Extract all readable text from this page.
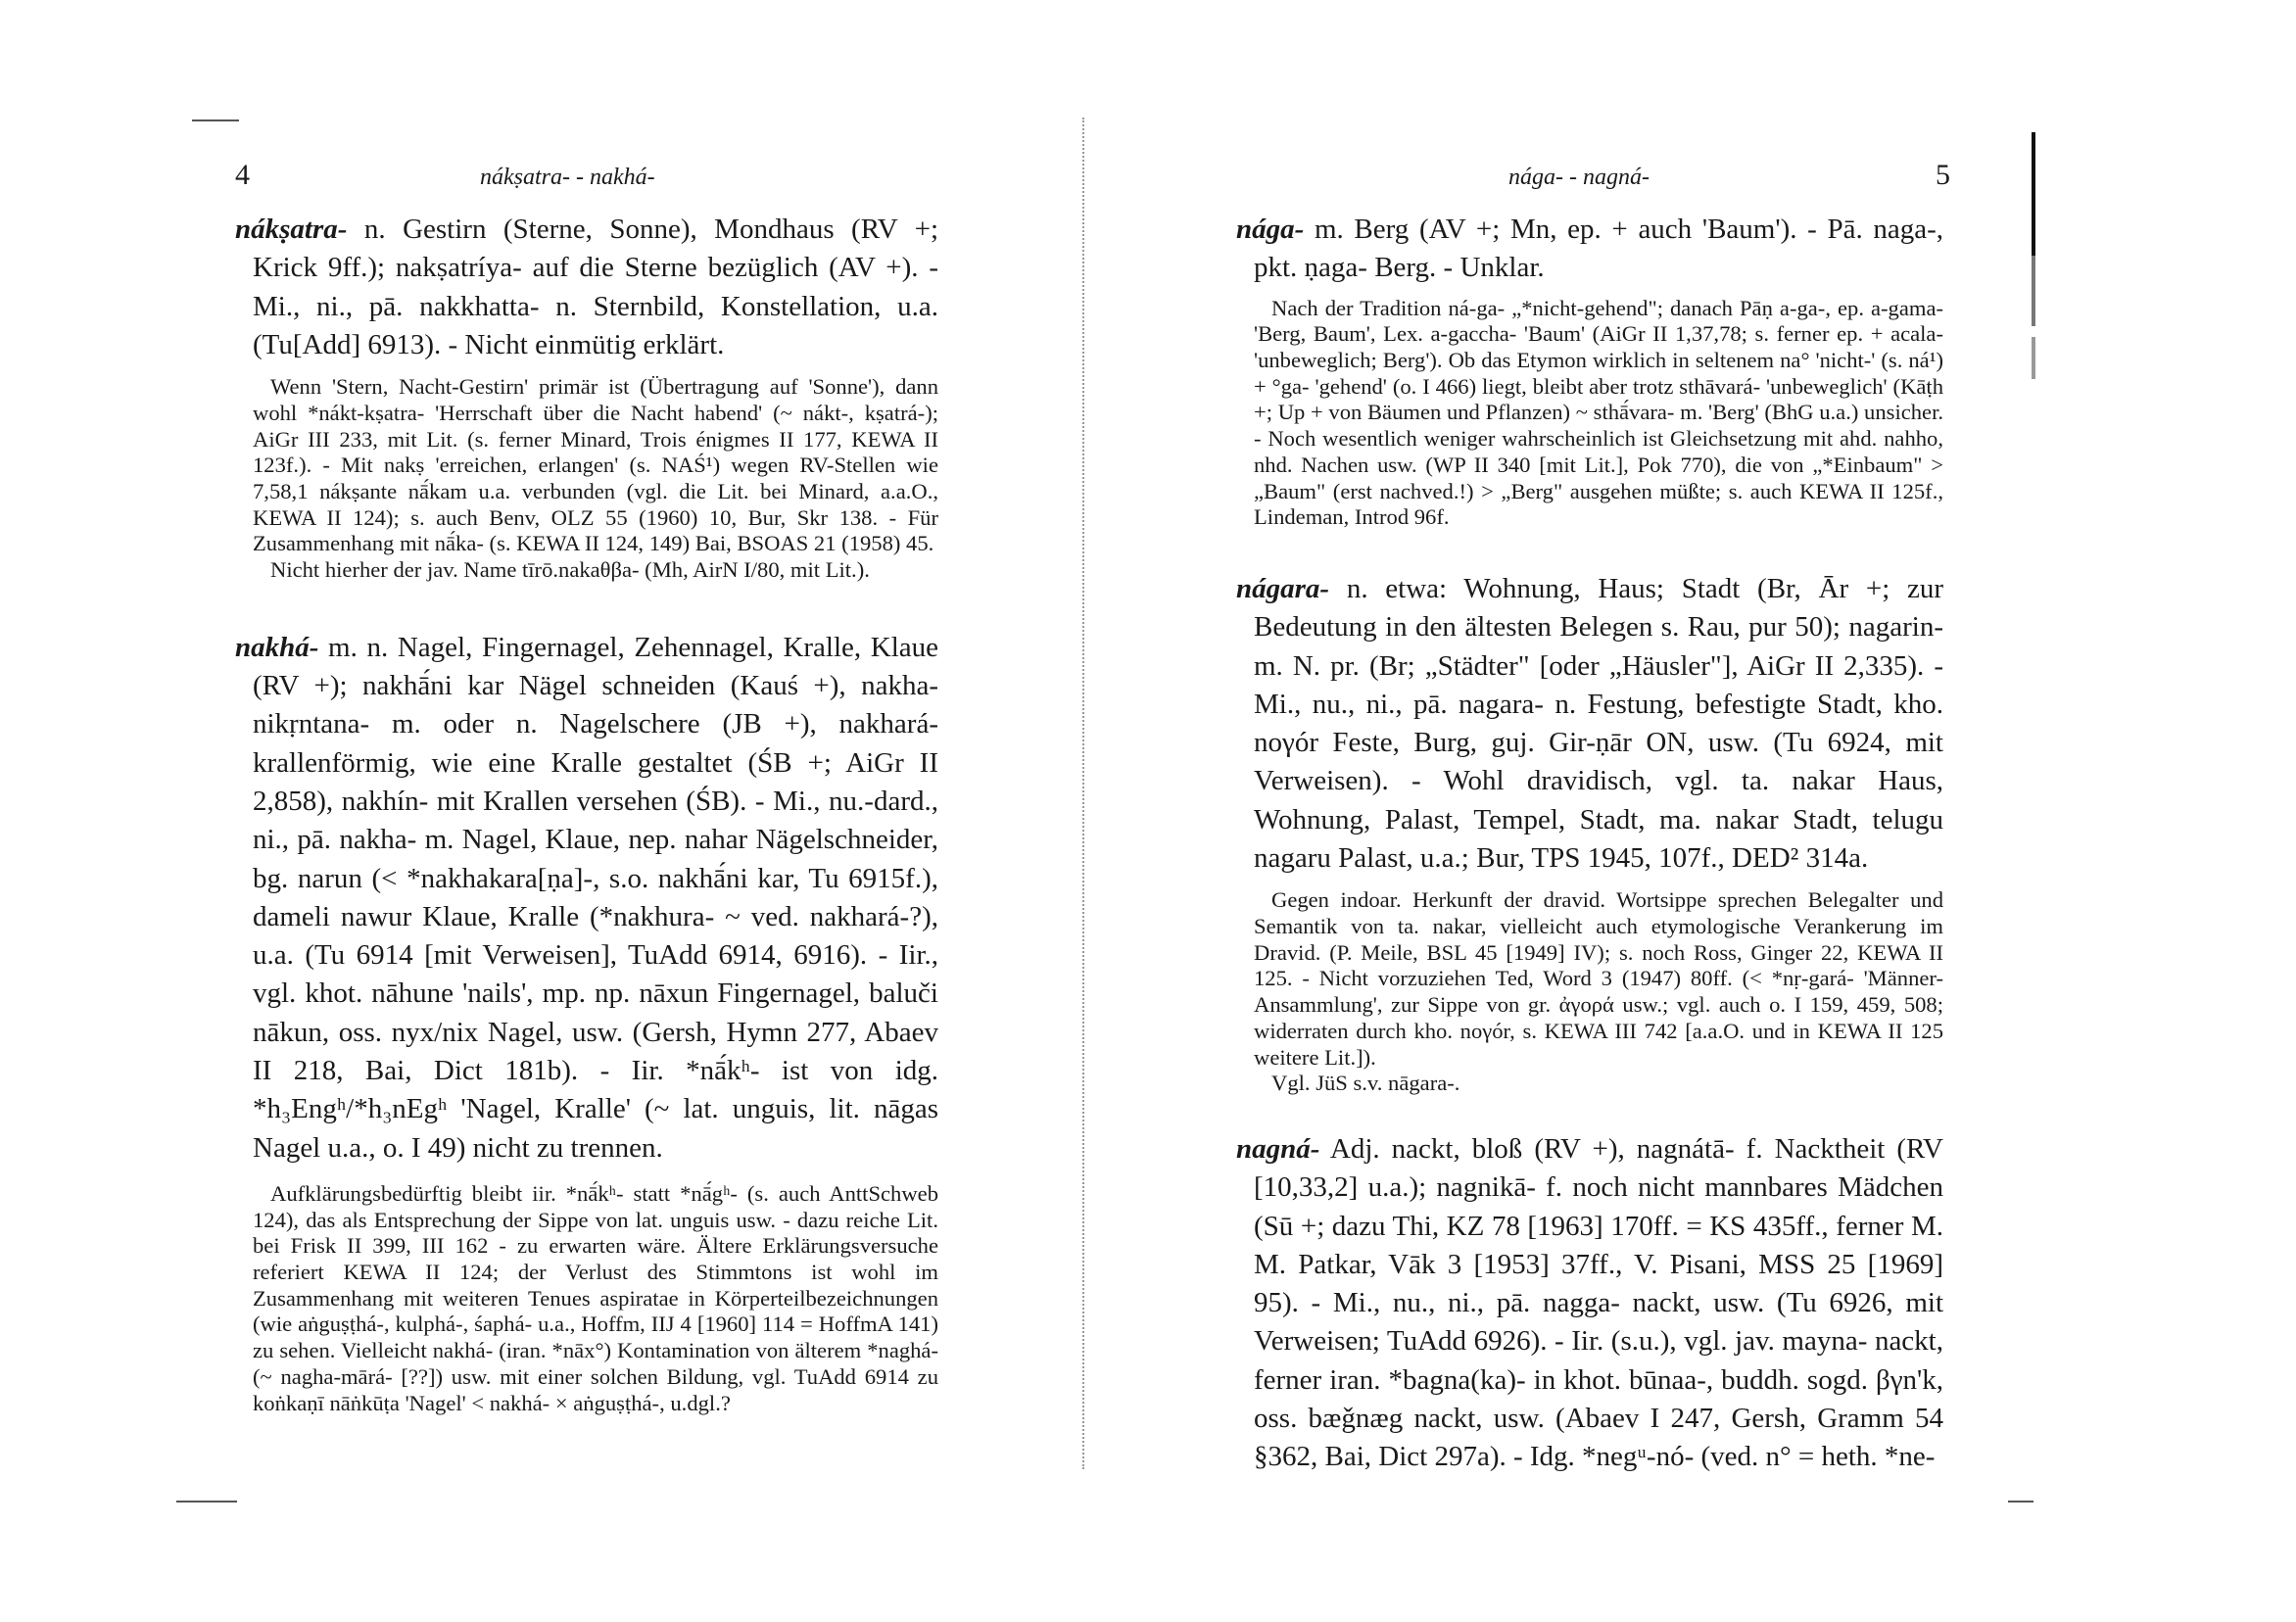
4	nákṣatra- - nakhá-
nákṣatra- n. Gestirn (Sterne, Sonne), Mondhaus (RV +; Krick 9ff.); nakṣatríya- auf die Sterne bezüglich (AV +). - Mi., ni., pā. nakkhatta- n. Sternbild, Konstellation, u.a. (Tu[Add] 6913). - Nicht einmütig erklärt.

Wenn 'Stern, Nacht-Gestirn' primär ist (Übertragung auf 'Sonne'), dann wohl *nákt-kṣatra- 'Herrschaft über die Nacht habend' (~ nákt-, kṣatrá-); AiGr III 233, mit Lit. (s. ferner Minard, Trois énigmes II 177, KEWA II 123f.). - Mit nakṣ 'erreichen, erlangen' (s. NAŚ¹) wegen RV-Stellen wie 7,58,1 nákṣante nā́kam u.a. verbunden (vgl. die Lit. bei Minard, a.a.O., KEWA II 124); s. auch Benv, OLZ 55 (1960) 10, Bur, Skr 138. - Für Zusammenhang mit nā́ka- (s. KEWA II 124, 149) Bai, BSOAS 21 (1958) 45.

Nicht hierher der jav. Name tīrō.nakaθβa- (Mh, AirN I/80, mit Lit.).

nakhá- m. n. Nagel, Fingernagel, Zehennagel, Kralle, Klaue (RV +); nakhā́ni kar Nägel schneiden (Kauś +), nakha-nikṛntana- m. oder n. Nagelschere (JB +), nakhará- krallenförmig, wie eine Kralle gestaltet (ŚB +; AiGr II 2,858), nakhín- mit Krallen versehen (ŚB). - Mi., nu.-dard., ni., pā. nakha- m. Nagel, Klaue, nep. nahar Nägelschneider, bg. narun (< *nakhakara[ṇa]-, s.o. nakhā́ni kar, Tu 6915f.), dameli nawur Klaue, Kralle (*nakhura- ~ ved. nakhará-?), u.a. (Tu 6914 [mit Verweisen], TuAdd 6914, 6916). - Iir., vgl. khot. nāhune 'nails', mp. np. nāxun Fingernagel, baluči nākun, oss. nyx/nix Nagel, usw. (Gersh, Hymn 277, Abaev II 218, Bai, Dict 181b). - Iir. *nā́kʰ- ist von idg. *h₃Engʰ/*h₃nEgʰ 'Nagel, Kralle' (~ lat. unguis, lit. nāgas Nagel u.a., o. I 49) nicht zu trennen.

Aufklärungsbedürftig bleibt iir. *nā́kʰ- statt *nā́gʰ- (s. auch AnttSchweb 124), das als Entsprechung der Sippe von lat. unguis usw. - dazu reiche Lit. bei Frisk II 399, III 162 - zu erwarten wäre. Ältere Erklärungsversuche referiert KEWA II 124; der Verlust des Stimmtons ist wohl im Zusammenhang mit weiteren Tenues aspiratae in Körperteilbezeichnungen (wie aṅguṣṭhá-, kulphá-, śaphá- u.a., Hoffm, IIJ 4 [1960] 114 = HoffmA 141) zu sehen. Vielleicht nakhá- (iran. *nāx°) Kontamination von älterem *naghá- (~ nagha-mārá- [??]) usw. mit einer solchen Bildung, vgl. TuAdd 6914 zu koṅkaṇī nāṅkūṭa 'Nagel' < nakhá- × aṅguṣṭhá-, u.dgl.?

nága- - nagná-	5
nága- m. Berg (AV +; Mn, ep. + auch 'Baum'). - Pā. naga-, pkt. ṇaga- Berg. - Unklar.

Nach der Tradition ná-ga- „*nicht-gehend"; danach Pāṇ a-ga-, ep. a-gama- 'Berg, Baum', Lex. a-gaccha- 'Baum' (AiGr II 1,37,78; s. ferner ep. + acala- 'unbeweglich; Berg'). Ob das Etymon wirklich in seltenem na° 'nicht-' (s. ná¹) + °ga- 'gehend' (o. I 466) liegt, bleibt aber trotz sthāvará- 'unbeweglich' (Kāṭh +; Up + von Bäumen und Pflanzen) ~ sthā́vara- m. 'Berg' (BhG u.a.) unsicher. - Noch wesentlich weniger wahrscheinlich ist Gleichsetzung mit ahd. nahho, nhd. Nachen usw. (WP II 340 [mit Lit.], Pok 770), die von „*Einbaum" > „Baum" (erst nachved.!) > „Berg" ausgehen müßte; s. auch KEWA II 125f., Lindeman, Introd 96f.

nágara- n. etwa: Wohnung, Haus; Stadt (Br, Ār +; zur Bedeutung in den ältesten Belegen s. Rau, pur 50); nagarin- m. N. pr. (Br; „Städter" [oder „Häusler"], AiGr II 2,335). - Mi., nu., ni., pā. nagara- n. Festung, befestigte Stadt, kho. noγór Feste, Burg, guj. Gir-ṇār ON, usw. (Tu 6924, mit Verweisen). - Wohl dravidisch, vgl. ta. nakar Haus, Wohnung, Palast, Tempel, Stadt, ma. nakar Stadt, telugu nagaru Palast, u.a.; Bur, TPS 1945, 107f., DED² 314a.

Gegen indoar. Herkunft der dravid. Wortsippe sprechen Belegalter und Semantik von ta. nakar, vielleicht auch etymologische Verankerung im Dravid. (P. Meile, BSL 45 [1949] IV); s. noch Ross, Ginger 22, KEWA II 125. - Nicht vorzuziehen Ted, Word 3 (1947) 80ff. (< *nṛ-gará- 'Männer-Ansammlung', zur Sippe von gr. ἀγορά usw.; vgl. auch o. I 159, 459, 508; widerraten durch kho. noγór, s. KEWA III 742 [a.a.O. und in KEWA II 125 weitere Lit.]).

Vgl. JüS s.v. nāgara-.

nagná- Adj. nackt, bloß (RV +), nagnátā- f. Nacktheit (RV [10,33,2] u.a.); nagnikā- f. noch nicht mannbares Mädchen (Sū +; dazu Thi, KZ 78 [1963] 170ff. = KS 435ff., ferner M. M. Patkar, Vāk 3 [1953] 37ff., V. Pisani, MSS 25 [1969] 95). - Mi., nu., ni., pā. nagga- nackt, usw. (Tu 6926, mit Verweisen; TuAdd 6926). - Iir. (s.u.), vgl. jav. mayna- nackt, ferner iran. *bagna(ka)- in khot. būnaa-, buddh. sogd. βγn'k, oss. bæǧnæg nackt, usw. (Abaev I 247, Gersh, Gramm 54 §362, Bai, Dict 297a). - Idg. *negᵘ-nó- (ved. n° = heth. *ne-
